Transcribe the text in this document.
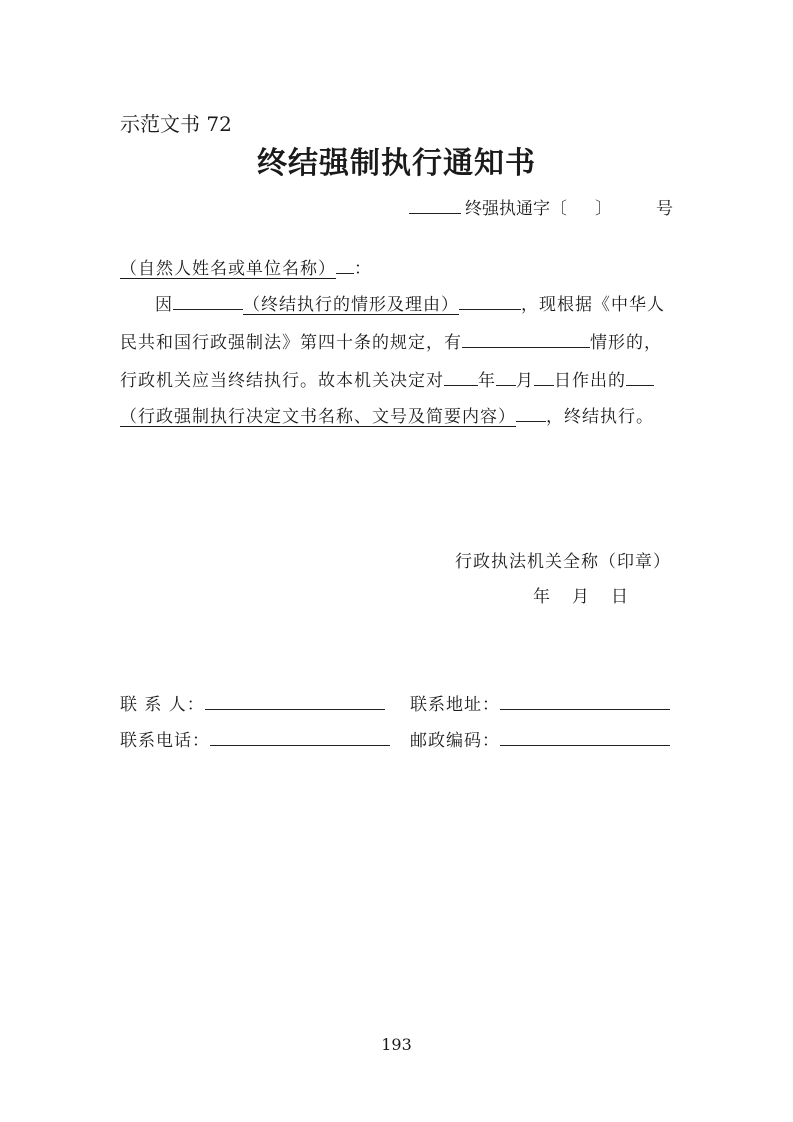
示范文书 72
终结强制执行通知书
终强执通字〔 〕	号
（自然人姓名或单位名称） ：
因	（终结执行的情形及理由）	，现根据《中华人
民共和国行政强制法》第四十条的规定，有	情形的，
行政机关应当终结执行。故本机关决定对 年 月 日作出的
（行政强制执行决定文书名称、文号及简要内容） ，终结执行。
行政执法机关全称（印章）
年 月 日
联 系 人：	联系地址：
联系电话：	邮政编码：
193
